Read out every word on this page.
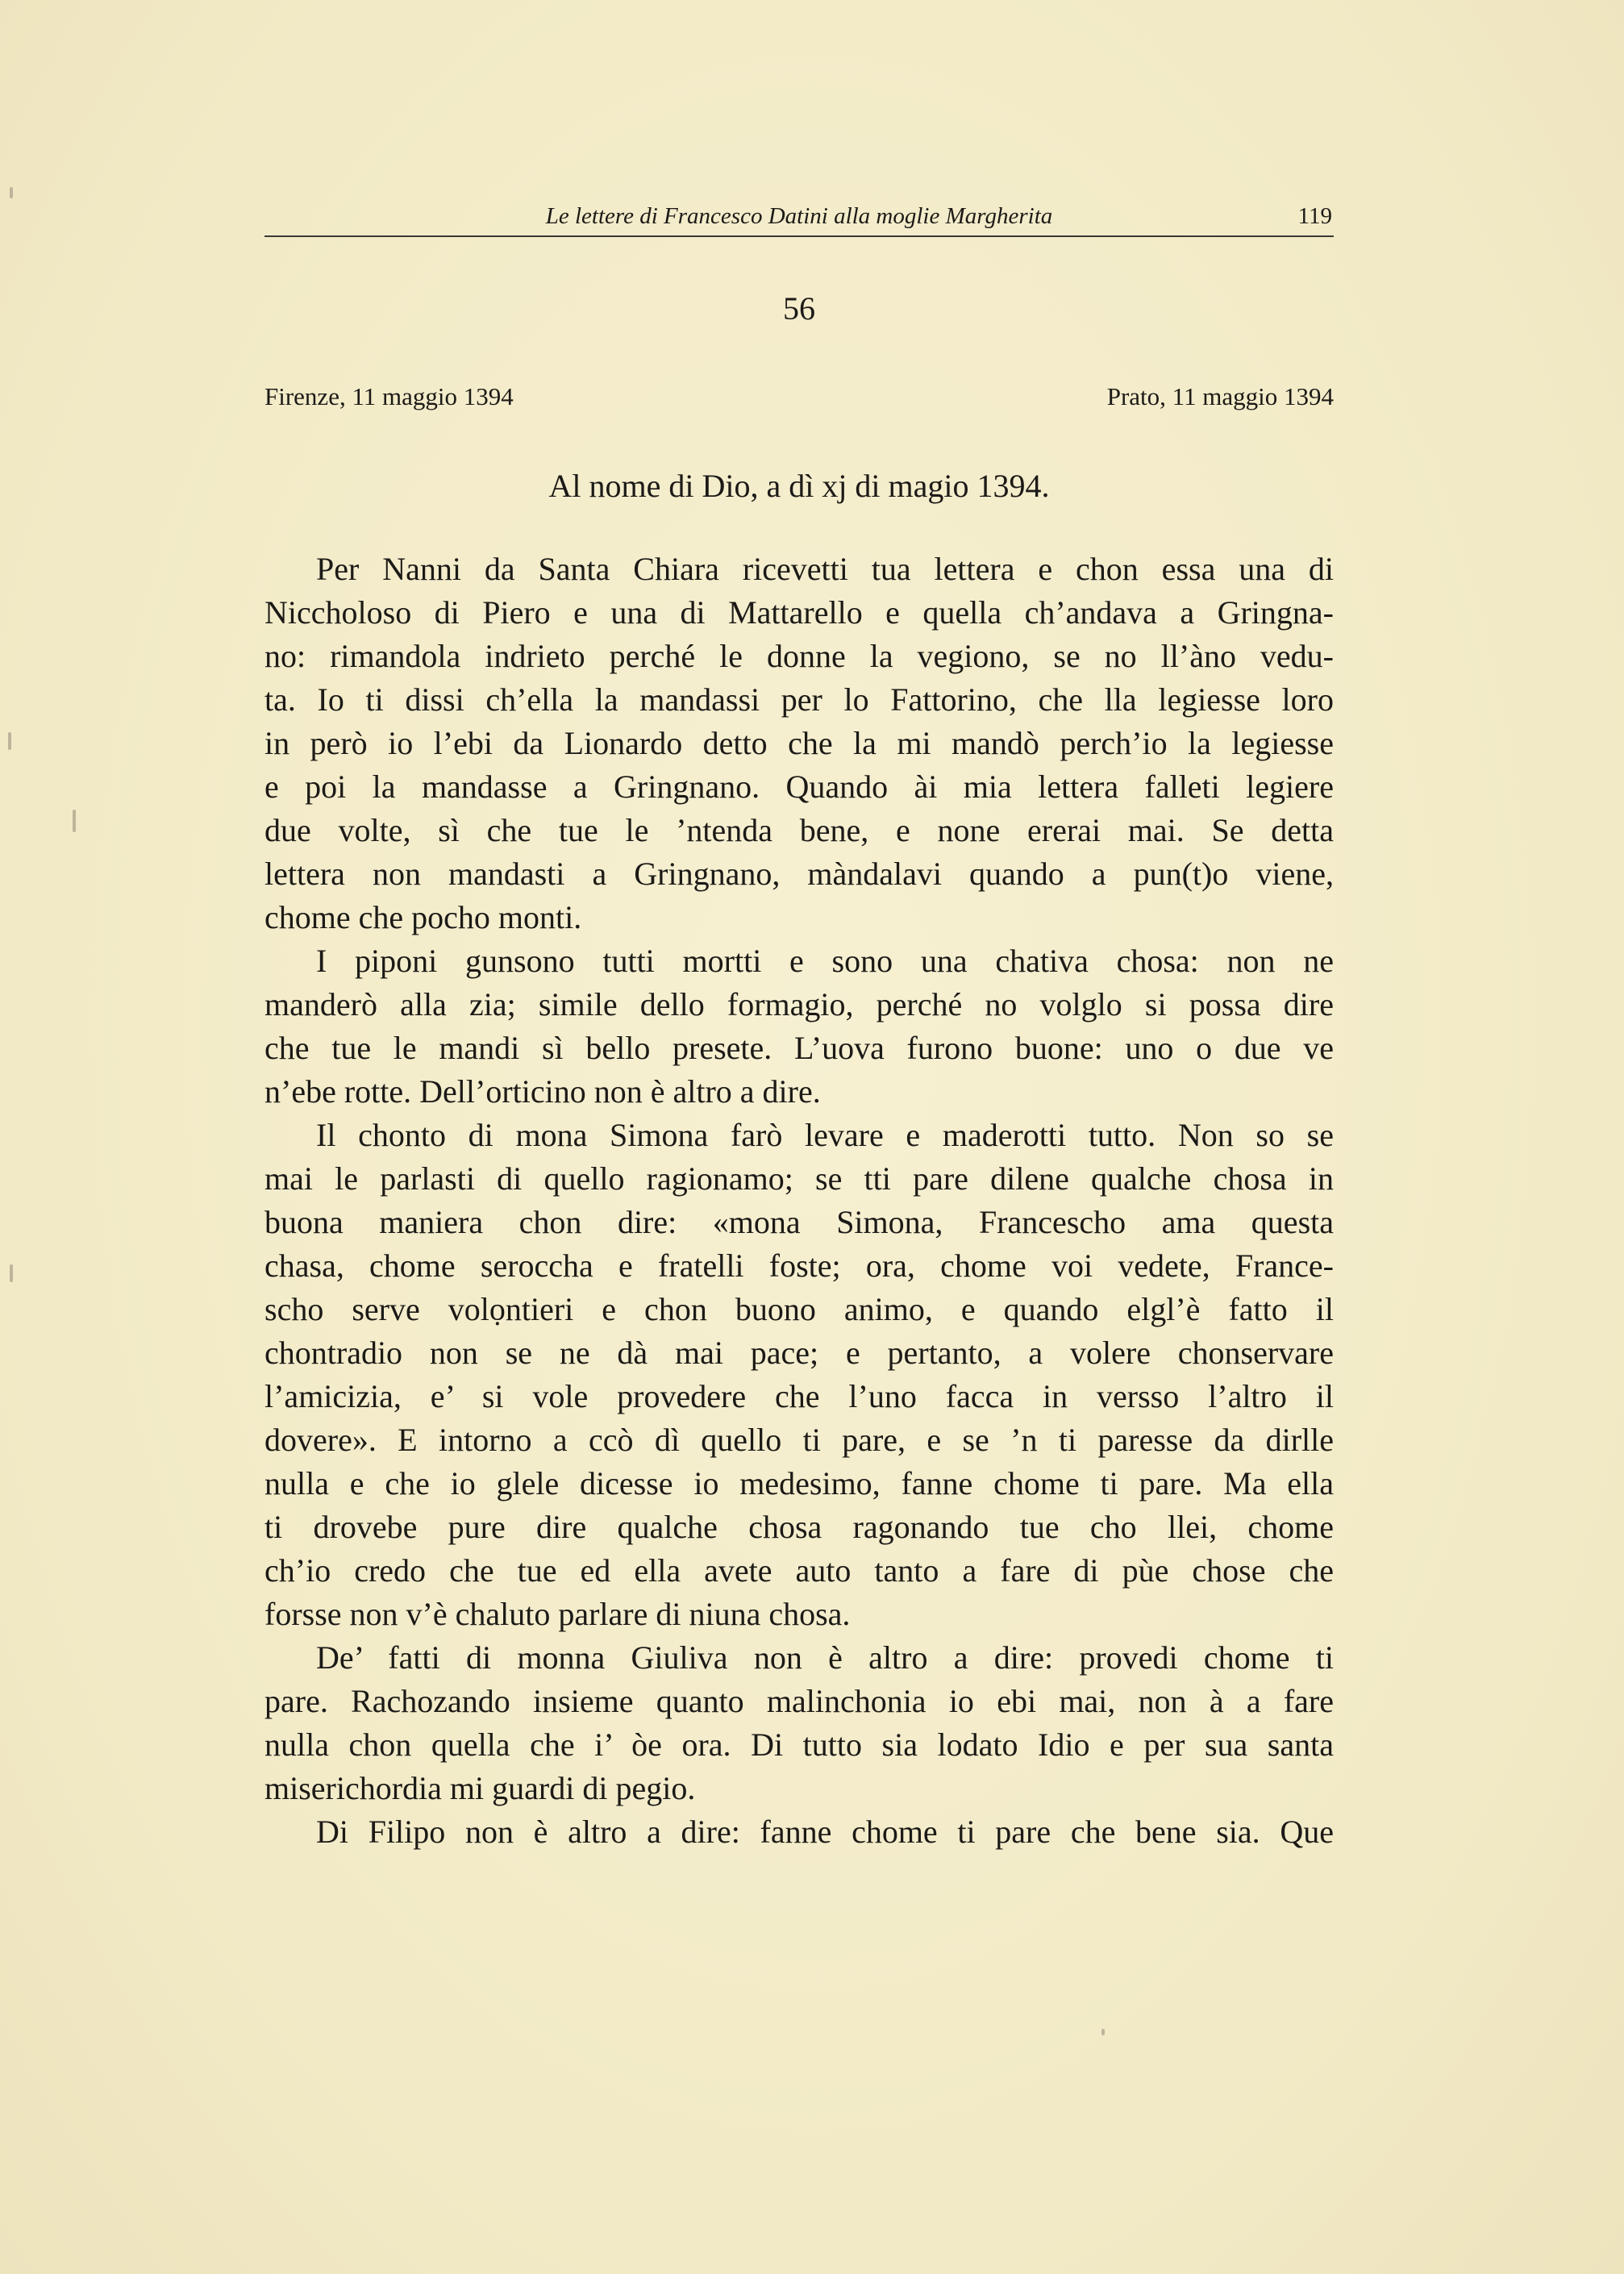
Le lettere di Francesco Datini alla moglie Margherita	119
56
Firenze, 11 maggio 1394	Prato, 11 maggio 1394
Al nome di Dio, a dì xj di magio 1394.

Per Nanni da Santa Chiara ricevetti tua lettera e chon essa una di
Niccholoso di Piero e una di Mattarello e quella ch’andava a Gringna-
no: rimandola indrieto perché le donne la vegiono, se no ll’àno vedu-
ta. Io ti dissi ch’ella la mandassi per lo Fattorino, che lla legiesse loro
in però io l’ebi da Lionardo detto che la mi mandò perch’io la legiesse
e poi la mandasse a Gringnano. Quando ài mia lettera falleti legiere
due volte, sì che tue le ’ntenda bene, e none ererai mai. Se detta
lettera non mandasti a Gringnano, màndalavi quando a pun(t)o viene,
chome che pocho monti.

I piponi gunsono tutti mortti e sono una chativa chosa: non ne
manderò alla zia; simile dello formagio, perché no volglo si possa dire
che tue le mandi sì bello presete. L’uova furono buone: uno o due ve
n’ebe rotte. Dell’orticino non è altro a dire.

Il chonto di mona Simona farò levare e maderotti tutto. Non so se
mai le parlasti di quello ragionamo; se tti pare dilene qualche chosa in
buona maniera chon dire: «mona Simona, Francescho ama questa
chasa, chome serocchа e fratelli foste; ora, chome voi vedete, France-
scho serve volọntieri e chon buono animo, e quando elgl’è fatto il
chontradio non se ne dà mai pace; e pertanto, a volere chonservare
l’amicizia, e’ si vole provedere che l’uno facca in versso l’altro il
dovere». E intorno a ccò dì quello ti pare, e se ’n ti paresse da dirlle
nulla e che io glele dicesse io medesimo, fanne chome ti pare. Ma ella
ti drovebe pure dire qualche chosa ragonando tue cho llei, chome
ch’io credo che tue ed ella avete auto tanto a fare di pùe chose che
forsse non v’è chaluto parlare di niuna chosa.

De’ fatti di monna Giuliva non è altro a dire: provedi chome ti
pare. Rachozando insieme quanto malinchonia io ebi mai, non à a fare
nulla chon quella che i’ òe ora. Di tutto sia lodato Idio e per sua santa
miserichordia mi guardi di pegio.

Di Filipo non è altro a dire: fanne chome ti pare che bene sia. Que
